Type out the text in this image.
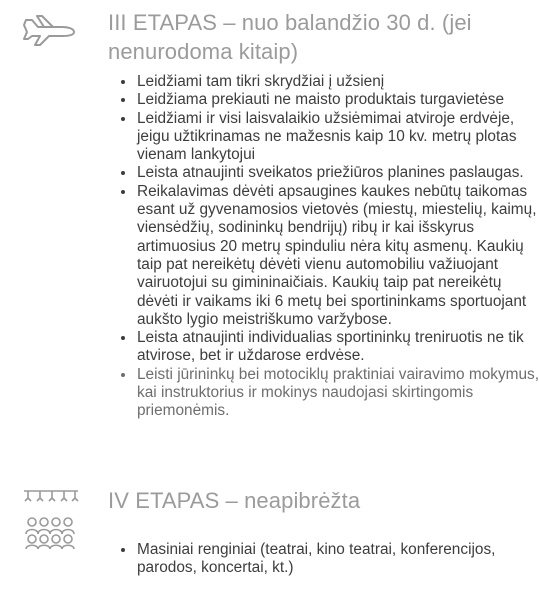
III ETAPAS – nuo balandžio 30 d. (jei nenurodoma kitaip)
• Leidžiami tam tikri skrydžiai į užsienį
• Leidžiama prekiauti ne maisto produktais turgavietėse
• Leidžiami ir visi laisvalaikio užsiėmimai atviroje erdvėje, jeigu užtikrinamas ne mažesnis kaip 10 kv. metrų plotas vienam lankytojui
• Leista atnaujinti sveikatos priežiūros planines paslaugas.
• Reikalavimas dėvėti apsaugines kaukes nebūtų taikomas esant už gyvenamosios vietovės (miestų, miestelių, kaimų, viensėdžių, sodininkų bendrijų) ribų ir kai išskyrus artimuosius 20 metrų spinduliu nėra kitų asmenų. Kaukių taip pat nereikėtų dėvėti vienu automobiliu važiuojant vairuotojui su gimininaičiais. Kaukių taip pat nereikėtų dėvėti ir vaikams iki 6 metų bei sportininkams sportuojant aukšto lygio meistriškumo varžybose.
• Leista atnaujinti individualias sportininkų treniruotis ne tik atvirose, bet ir uždarose erdvėse.
• Leisti jūrininkų bei motociklų praktiniai vairavimo mokymus, kai instruktorius ir mokinys naudojasi skirtingomis priemonėmis.
IV ETAPAS – neapibrėžta
• Masiniai renginiai (teatrai, kino teatrai, konferencijos, parodos, koncertai, kt.)
